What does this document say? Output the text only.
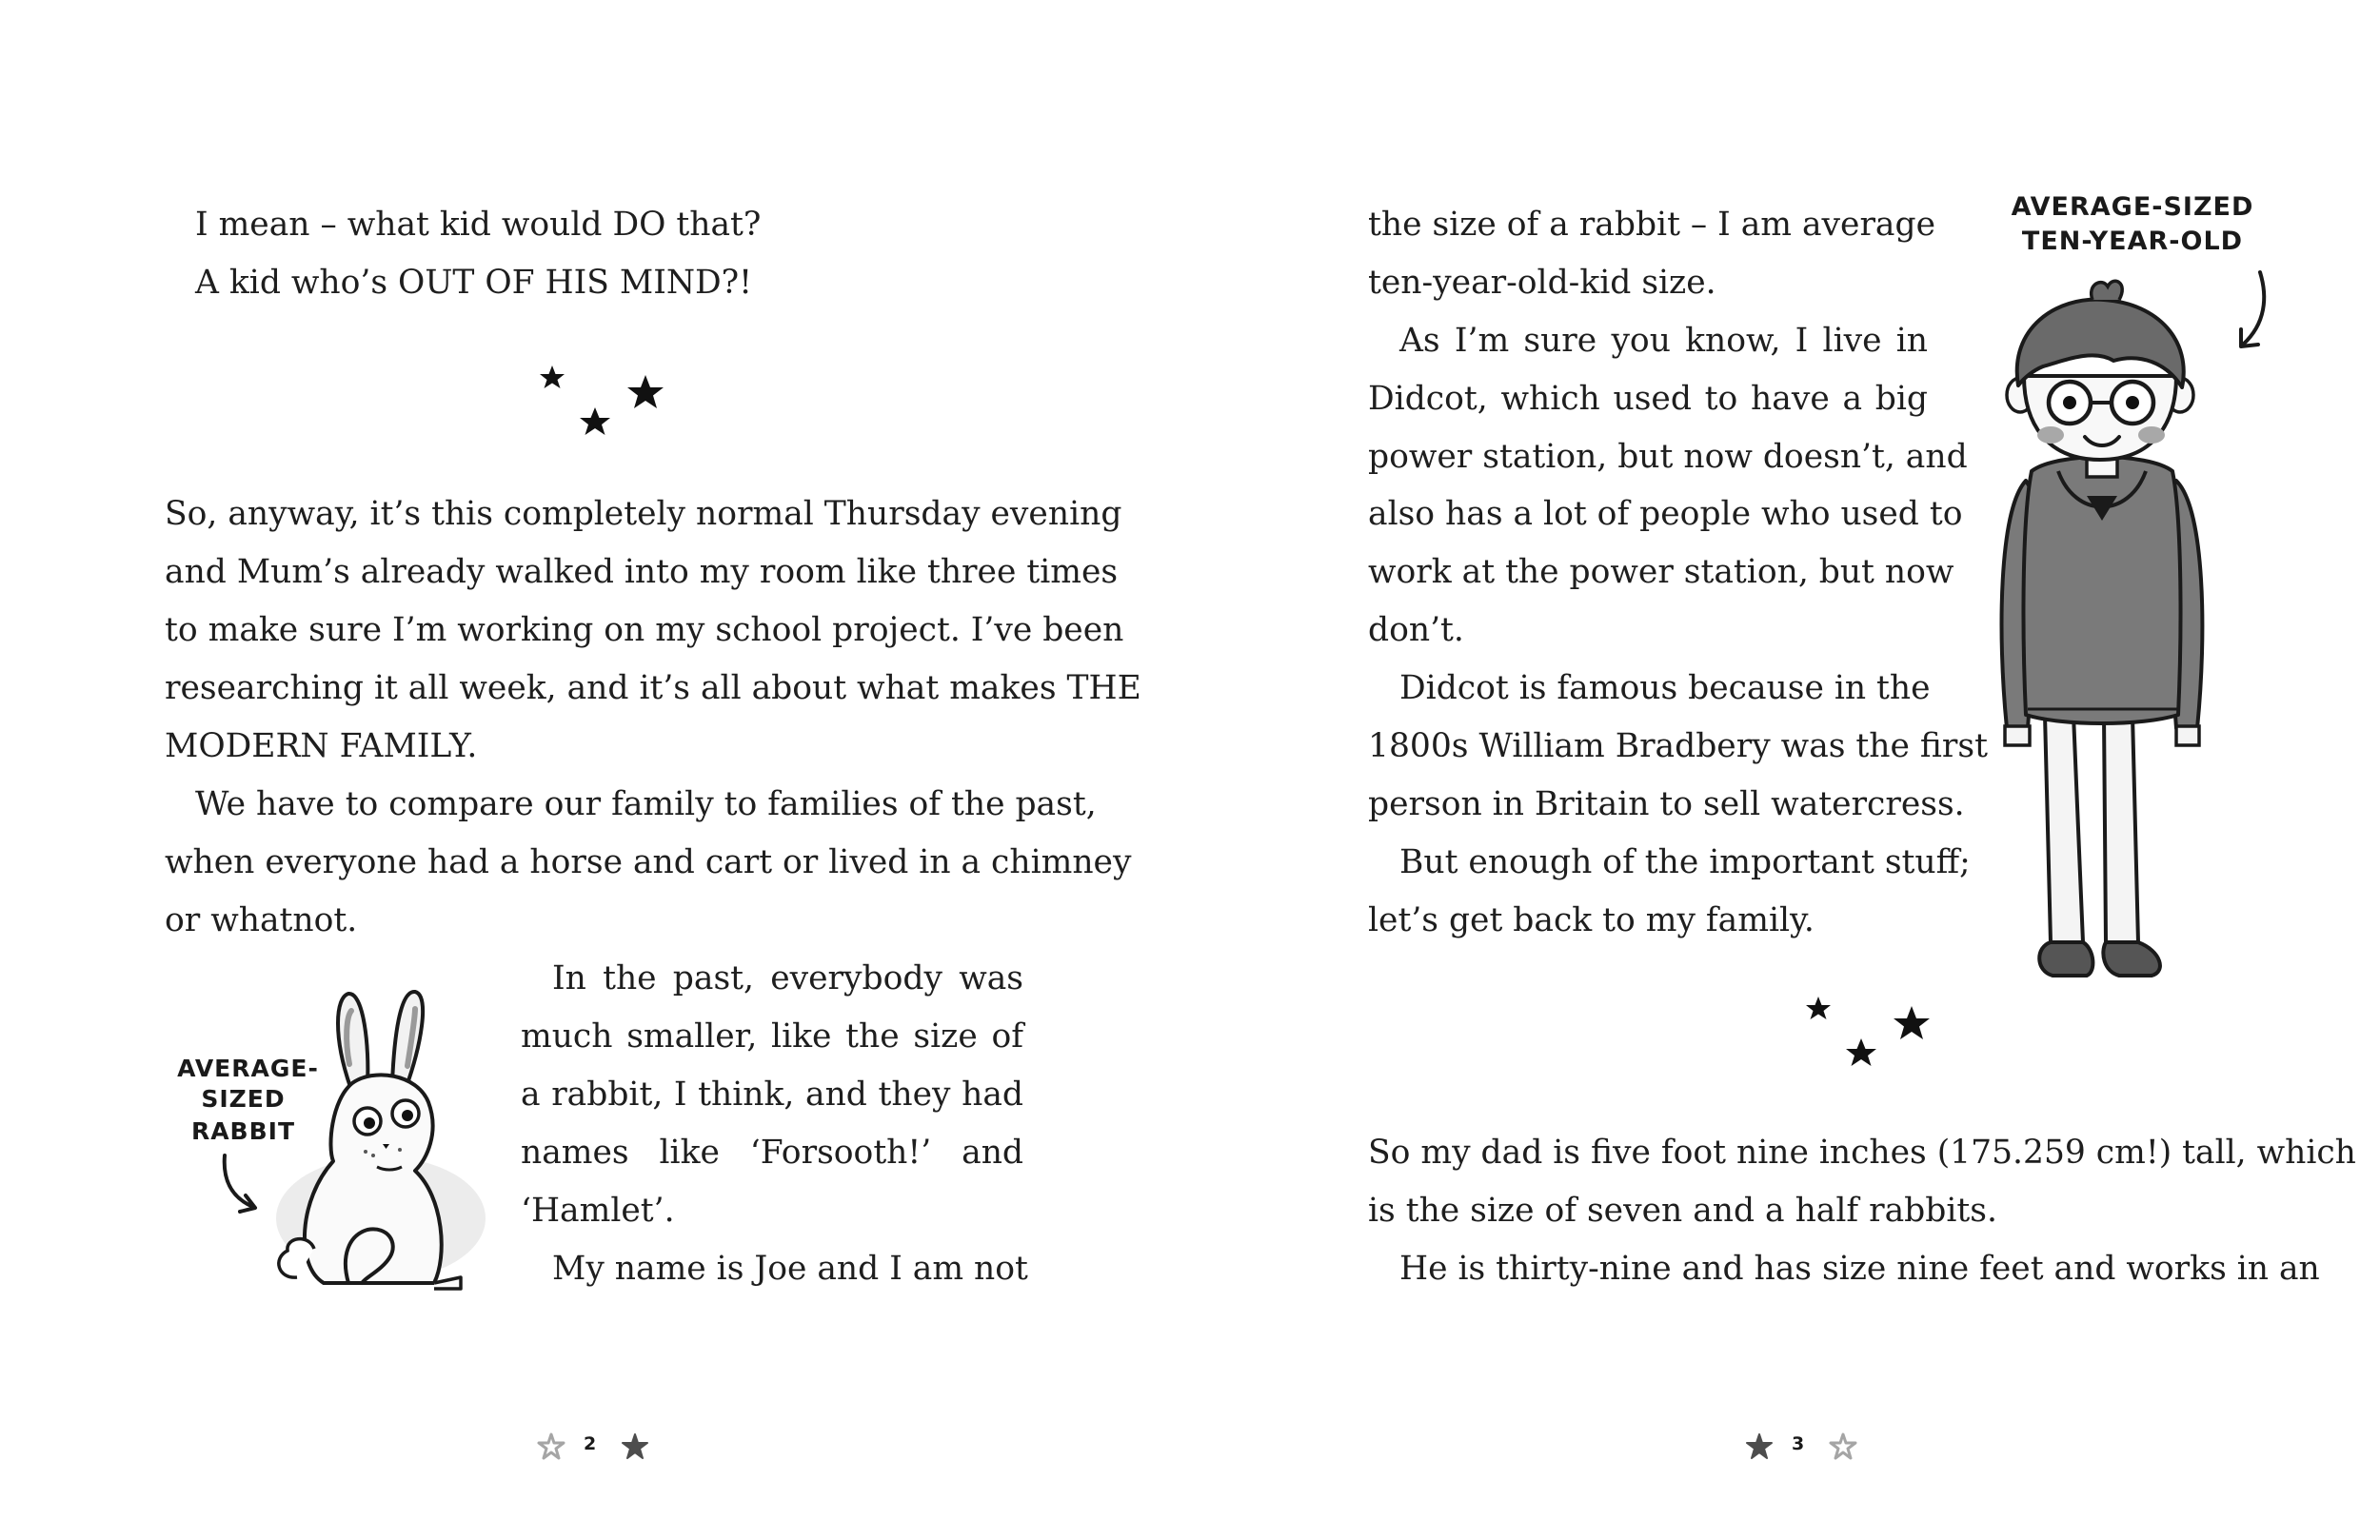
I mean – what kid would DO that?

A kid who’s OUT OF HIS MIND?!

So, anyway, it’s this completely normal Thursday evening

and Mum’s already walked into my room like three times

to make sure I’m working on my school project. I’ve been

researching it all week, and it’s all about what makes THE

MODERN FAMILY.

We have to compare our family to families of the past,

when everyone had a horse and cart or lived in a chimney

or whatnot.

In the past, everybody was

much smaller, like the size of

a rabbit, I think, and they had

names like ‘Forsooth!’ and

‘Hamlet’.

My name is Joe and I am not

AVERAGE-

SIZED

RABBIT

2

the size of a rabbit – I am average

ten-year-old-kid size.

As I’m sure you know, I live in

Didcot, which used to have a big

power station, but now doesn’t, and

also has a lot of people who used to

work at the power station, but now

don’t.

Didcot is famous because in the

1800s William Bradbery was the first

person in Britain to sell watercress.

But enough of the important stuff;

let’s get back to my family.

AVERAGE-SIZED

TEN-YEAR-OLD

So my dad is five foot nine inches (175.259 cm!) tall, which

is the size of seven and a half rabbits.

He is thirty-nine and has size nine feet and works in an

3
